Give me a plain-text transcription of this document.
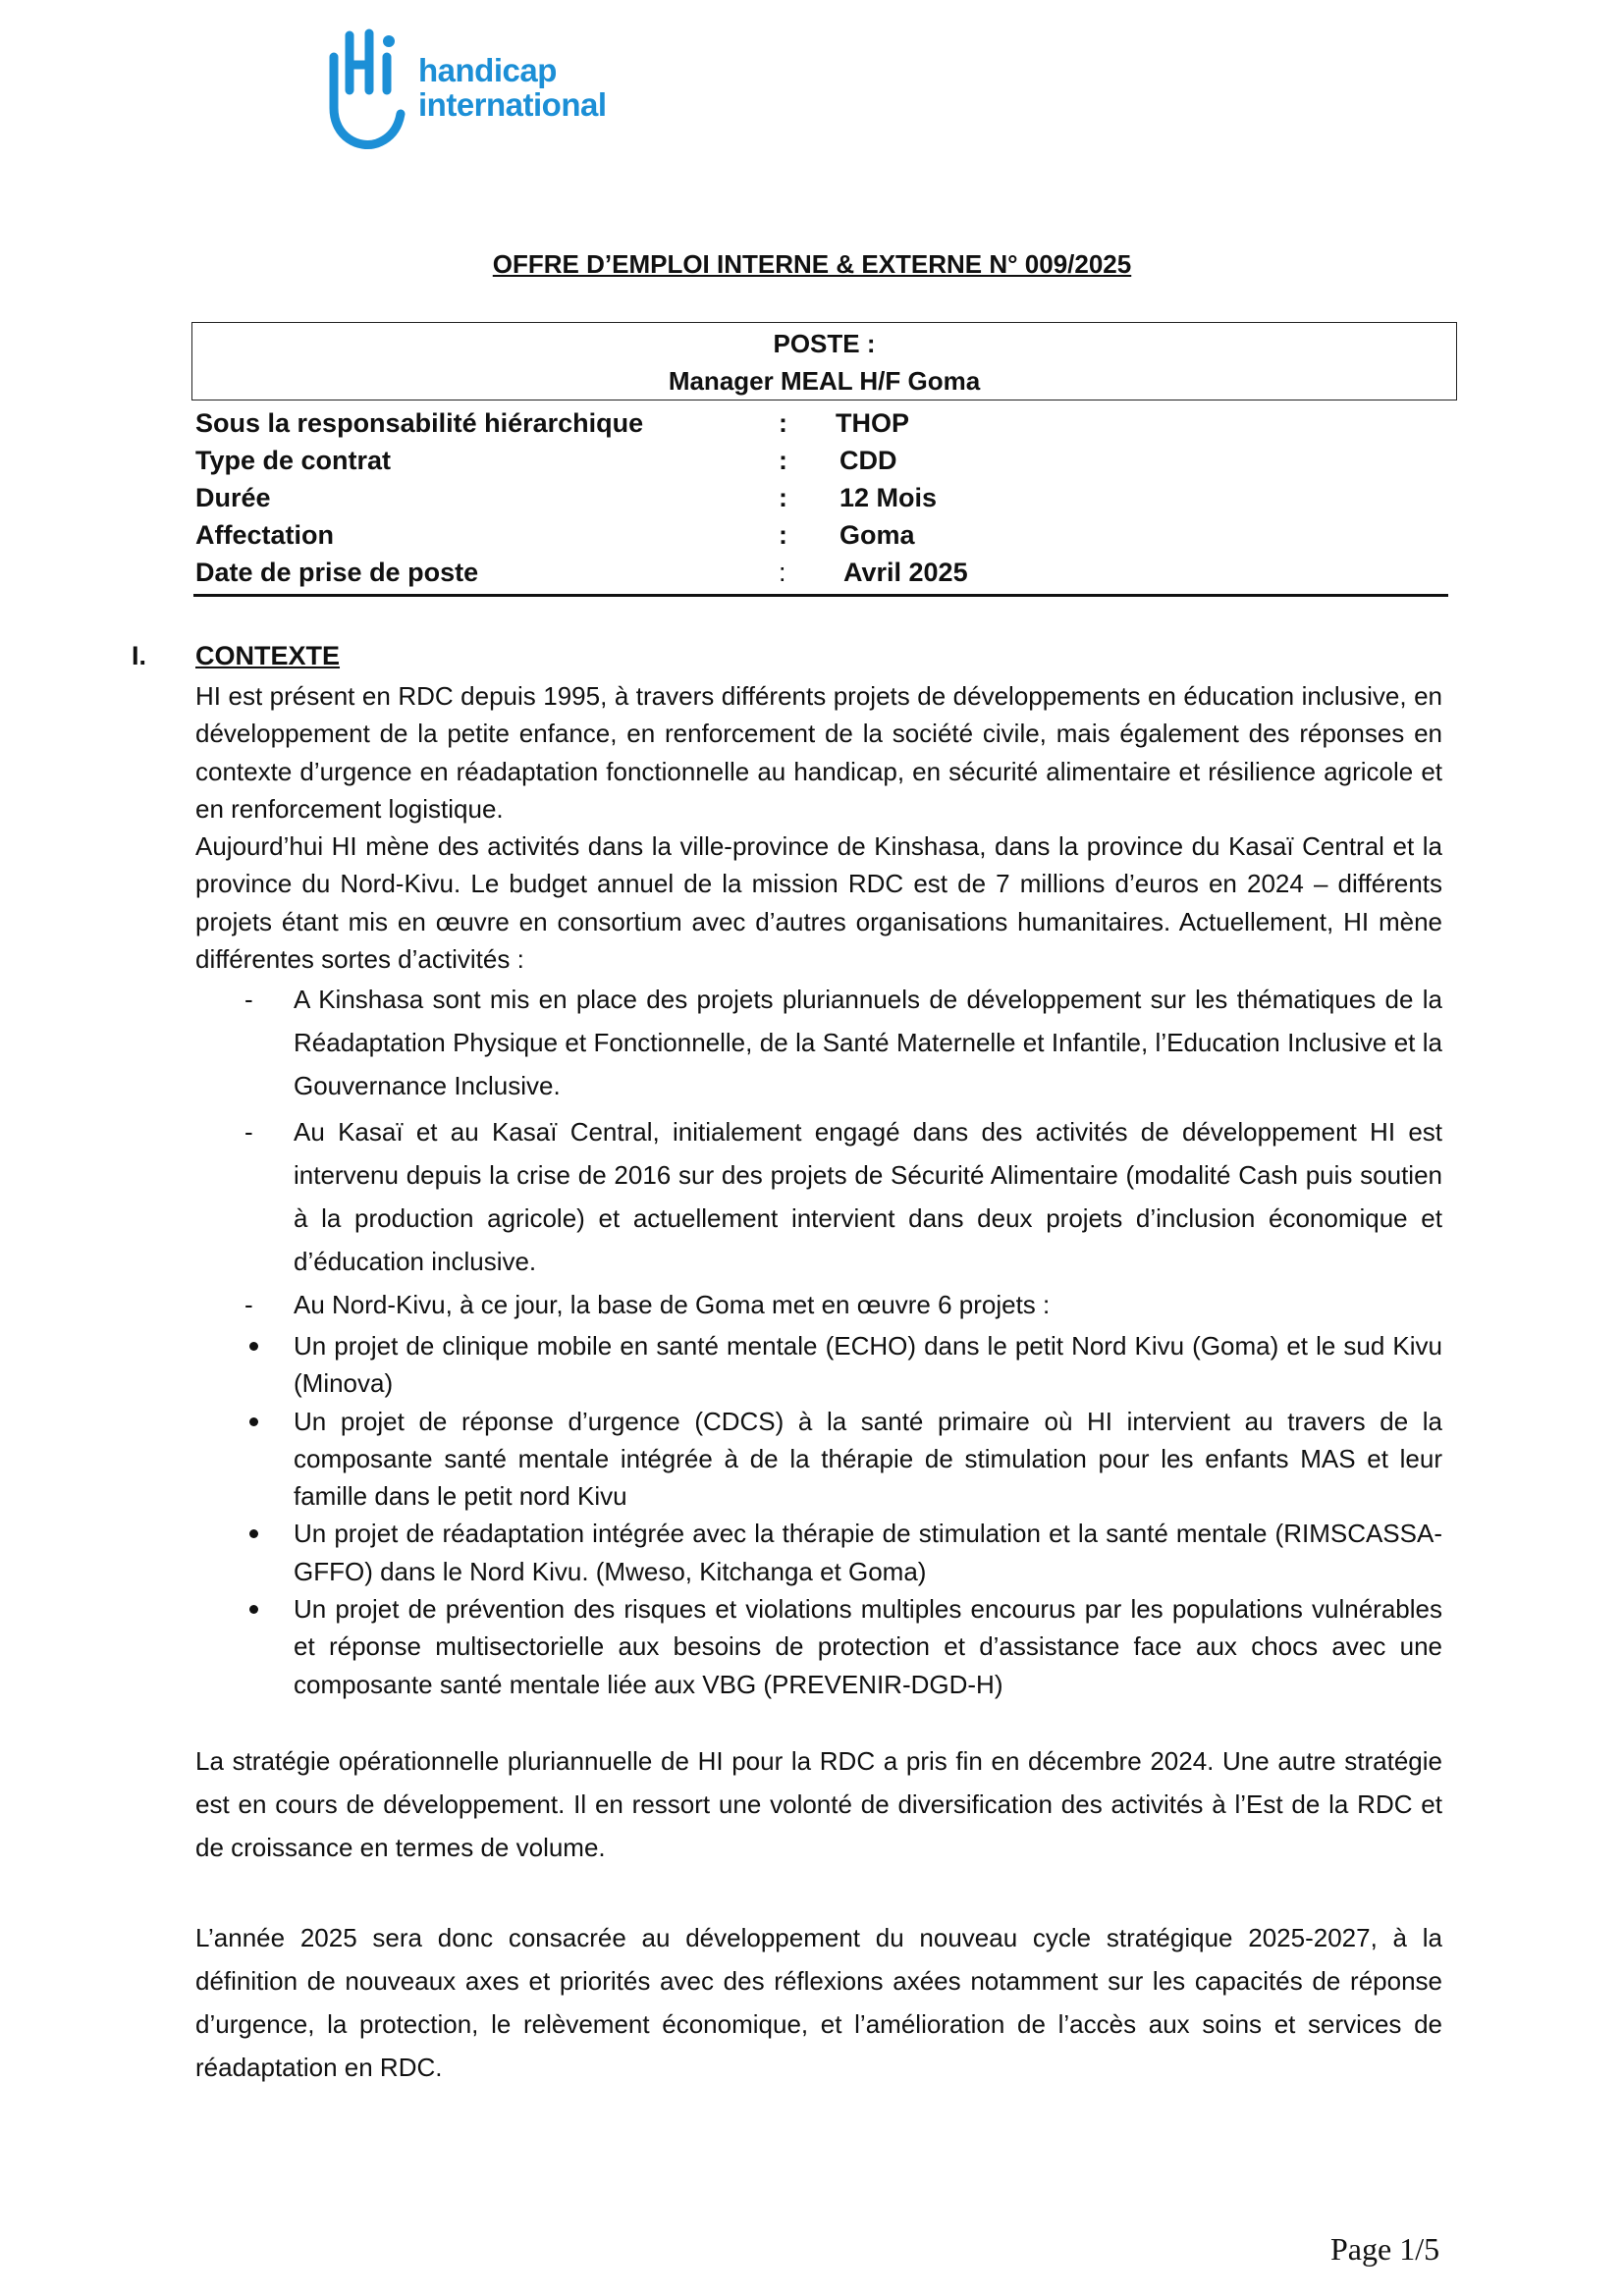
handicap
international
OFFRE D’EMPLOI INTERNE & EXTERNE N° 009/2025
POSTE :
Manager MEAL H/F Goma
Sous la responsabilité hiérarchique	: THOP
Type de contrat	: CDD
Durée	: 12 Mois
Affectation	: Goma
Date de prise de poste	: Avril 2025
I. CONTEXTE
HI est présent en RDC depuis 1995, à travers différents projets de développements en éducation inclusive, en développement de la petite enfance, en renforcement de la société civile, mais également des réponses en contexte d’urgence en réadaptation fonctionnelle au handicap, en sécurité alimentaire et résilience agricole et en renforcement logistique.
Aujourd’hui HI mène des activités dans la ville-province de Kinshasa, dans la province du Kasaï Central et la province du Nord-Kivu. Le budget annuel de la mission RDC est de 7 millions d’euros en 2024 – différents projets étant mis en œuvre en consortium avec d’autres organisations humanitaires. Actuellement, HI mène différentes sortes d’activités :
- A Kinshasa sont mis en place des projets pluriannuels de développement sur les thématiques de la Réadaptation Physique et Fonctionnelle, de la Santé Maternelle et Infantile, l’Education Inclusive et la Gouvernance Inclusive.
- Au Kasaï et au Kasaï Central, initialement engagé dans des activités de développement HI est intervenu depuis la crise de 2016 sur des projets de Sécurité Alimentaire (modalité Cash puis soutien à la production agricole) et actuellement intervient dans deux projets d’inclusion économique et d’éducation inclusive.
- Au Nord-Kivu, à ce jour, la base de Goma met en œuvre 6 projets :
Un projet de clinique mobile en santé mentale (ECHO) dans le petit Nord Kivu (Goma) et le sud Kivu (Minova)
Un projet de réponse d’urgence (CDCS) à la santé primaire où HI intervient au travers de la composante santé mentale intégrée à de la thérapie de stimulation pour les enfants MAS et leur famille dans le petit nord Kivu
Un projet de réadaptation intégrée avec la thérapie de stimulation et la santé mentale (RIMSCASSA-GFFO) dans le Nord Kivu. (Mweso, Kitchanga et Goma)
Un projet de prévention des risques et violations multiples encourus par les populations vulnérables et réponse multisectorielle aux besoins de protection et d’assistance face aux chocs avec une composante santé mentale liée aux VBG (PREVENIR-DGD-H)
La stratégie opérationnelle pluriannuelle de HI pour la RDC a pris fin en décembre 2024. Une autre stratégie est en cours de développement. Il en ressort une volonté de diversification des activités à l’Est de la RDC et de croissance en termes de volume.
L’année 2025 sera donc consacrée au développement du nouveau cycle stratégique 2025-2027, à la définition de nouveaux axes et priorités avec des réflexions axées notamment sur les capacités de réponse d’urgence, la protection, le relèvement économique, et l’amélioration de l’accès aux soins et services de réadaptation en RDC.
Page 1/5
